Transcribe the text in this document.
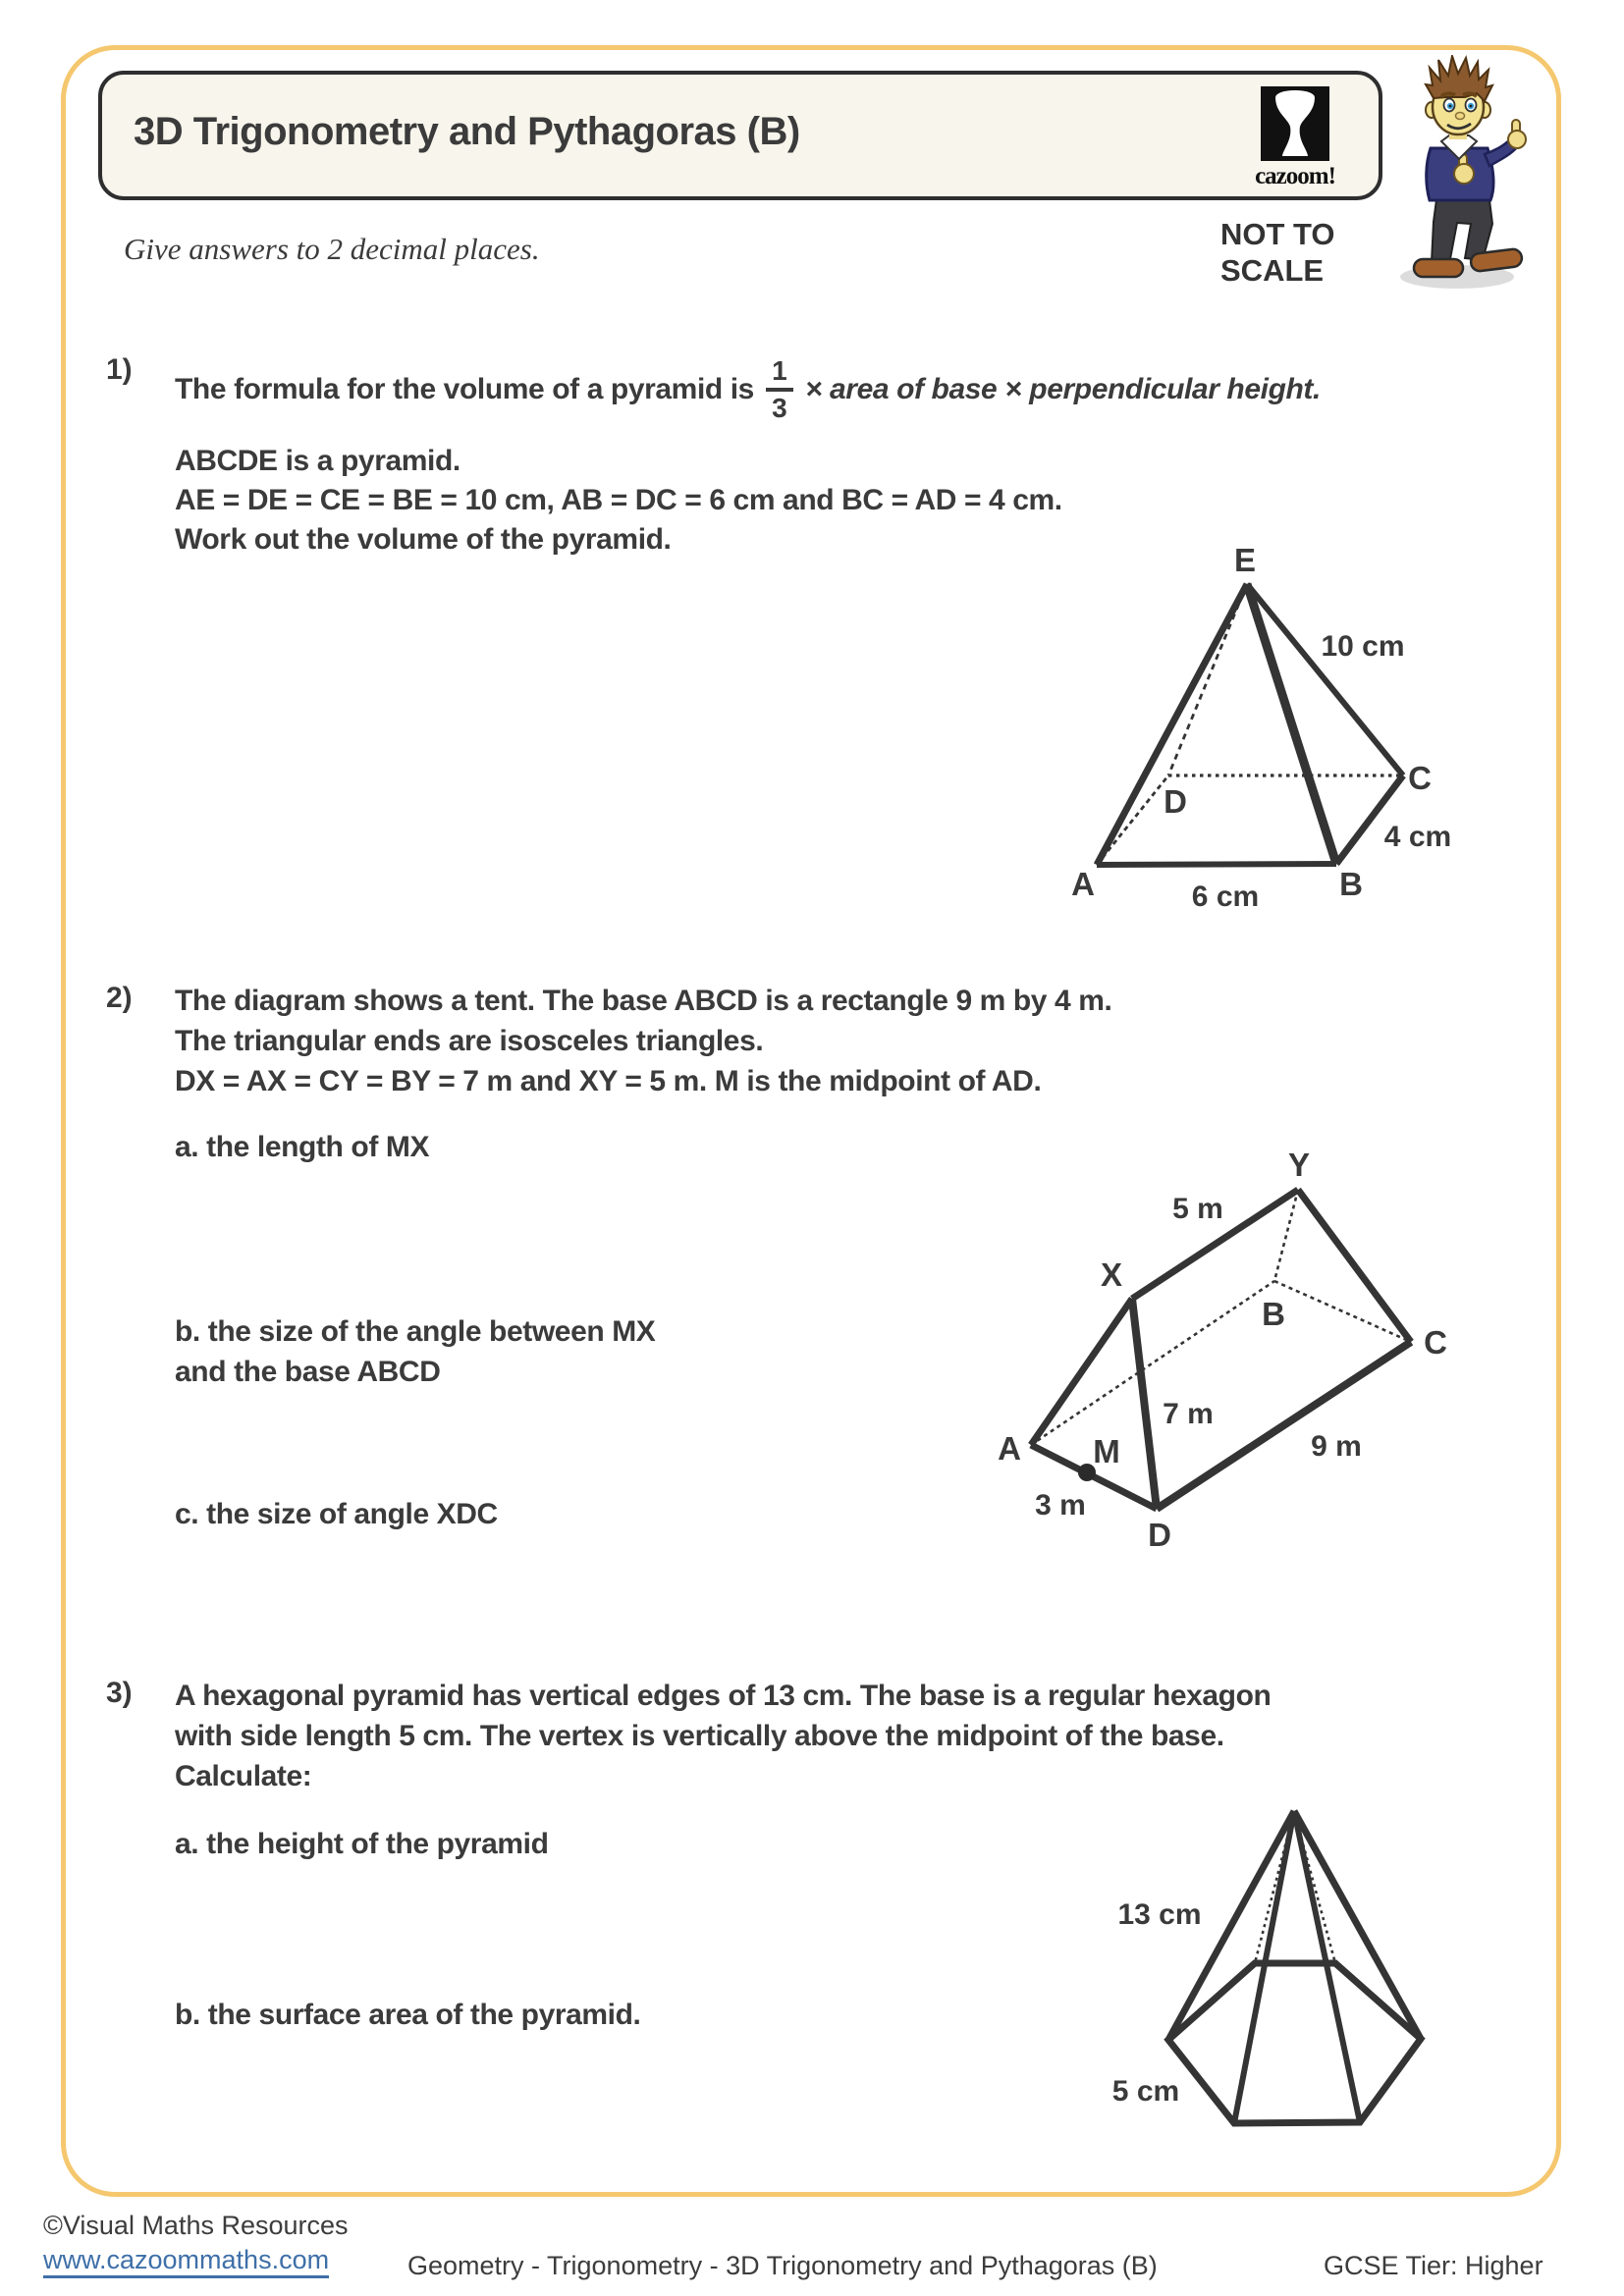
3D Trigonometry and Pythagoras (B)
cazoom!
NOT TO SCALE
Give answers to 2 decimal places.
1)
The formula for the volume of a pyramid is $\frac{1}{3}$ × area of base × perpendicular height.
ABCDE is a pyramid.
AE = DE = CE = BE = 10 cm, AB = DC = 6 cm and BC = AD = 4 cm.
Work out the volume of the pyramid.
E
A	B
C
D
10 cm
4 cm
6 cm
2) The diagram shows a tent. The base ABCD is a rectangle 9 m by 4 m.
The triangular ends are isosceles triangles.
DX = AX = CY = BY = 7 m and XY = 5 m. M is the midpoint of AD.
a. the length of MX
b. the size of the angle between MX and the base ABCD
c. the size of angle XDC
Y
X
B
C
A M
D
5 m
7 m
9 m
3 m
3) A hexagonal pyramid has vertical edges of 13 cm. The base is a regular hexagon
with side length 5 cm. The vertex is vertically above the midpoint of the base.
Calculate:
a. the height of the pyramid
b. the surface area of the pyramid.
13 cm
5 cm
©Visual Maths Resources
www.cazoommaths.com	Geometry - Trigonometry - 3D Trigonometry and Pythagoras (B)	GCSE Tier: Higher
